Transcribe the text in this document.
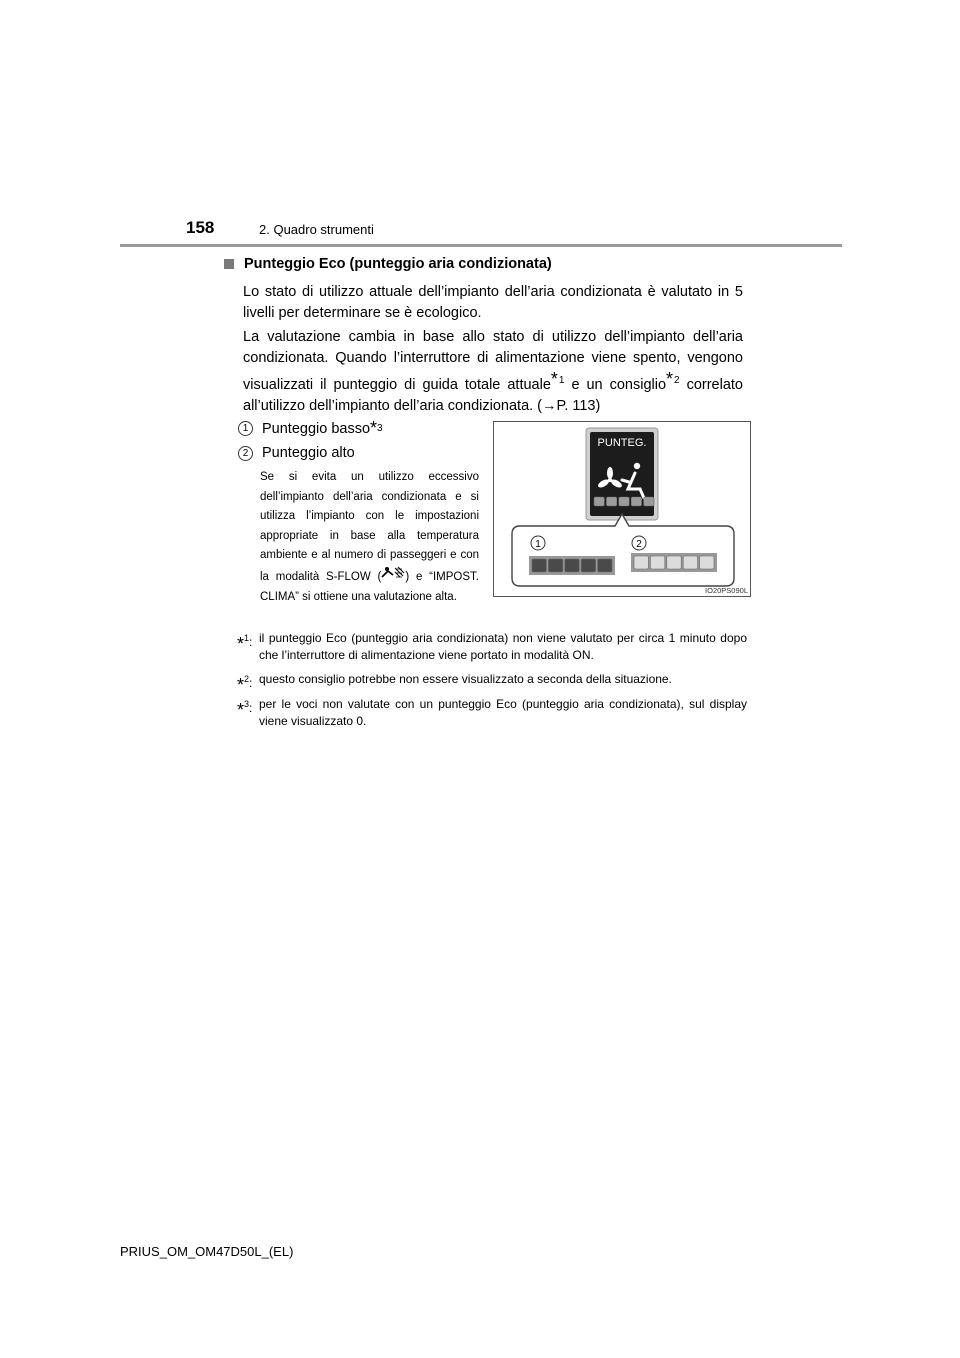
158	2. Quadro strumenti
Punteggio Eco (punteggio aria condizionata)
Lo stato di utilizzo attuale dell’impianto dell’aria condizionata è valutato in 5 livelli per determinare se è ecologico.
La valutazione cambia in base allo stato di utilizzo dell’impianto dell’aria condizionata. Quando l’interruttore di alimentazione viene spento, vengono visualizzati il punteggio di guida totale attuale$^{*1}$ e un consiglio$^{*2}$ correlato all’utilizzo dell’impianto dell’aria condizionata. (→P. 113)
1 Punteggio basso *3
2 Punteggio alto
Se si evita un utilizzo eccessivo dell’impianto dell’aria condizionata e si utilizza l’impianto con le impostazioni appropriate in base alla temperatura ambiente e al numero di passeggeri e con la modalità S-FLOW ( ) e “IMPOST. CLIMA” si ottiene una valutazione alta.
PUNTEG.
1	2
IO20PS090L
*$^1$: il punteggio Eco (punteggio aria condizionata) non viene valutato per circa 1 minuto dopo che l’interruttore di alimentazione viene portato in modalità ON.
*$^2$: questo consiglio potrebbe non essere visualizzato a seconda della situazione.
*$^3$: per le voci non valutate con un punteggio Eco (punteggio aria condizionata), sul display viene visualizzato 0.
PRIUS_OM_OM47D50L_(EL)
